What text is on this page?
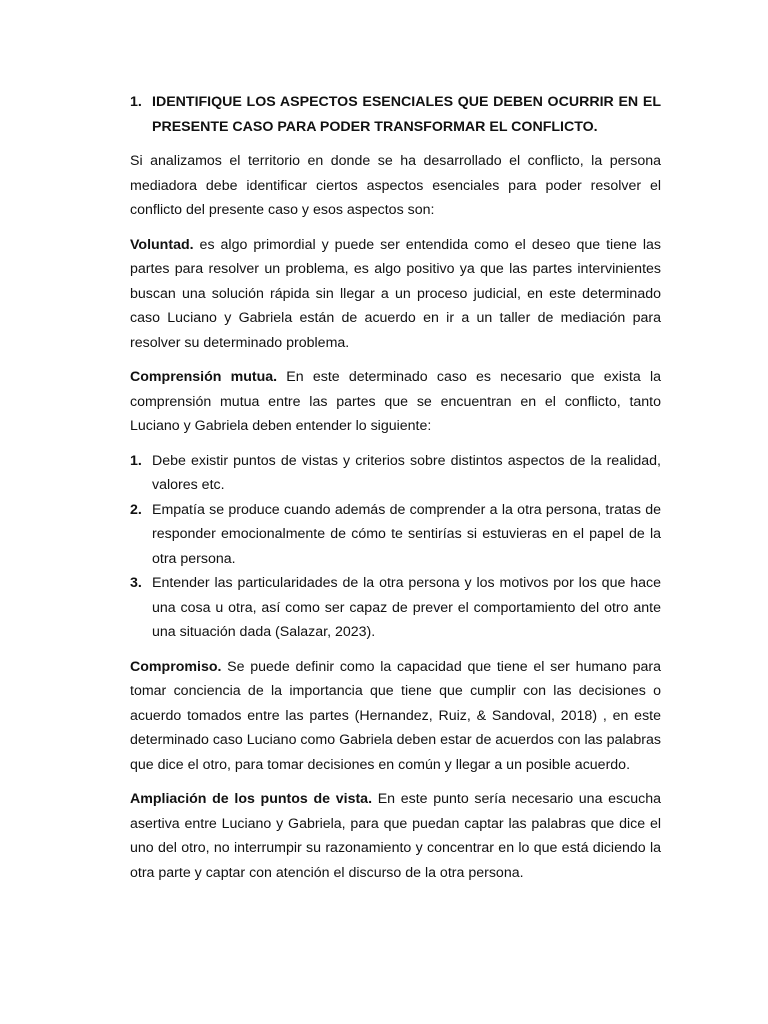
1. IDENTIFIQUE LOS ASPECTOS ESENCIALES QUE DEBEN OCURRIR EN EL PRESENTE CASO PARA PODER TRANSFORMAR EL CONFLICTO.

Si analizamos el territorio en donde se ha desarrollado el conflicto, la persona mediadora debe identificar ciertos aspectos esenciales para poder resolver el conflicto del presente caso y esos aspectos son:

Voluntad. es algo primordial y puede ser entendida como el deseo que tiene las partes para resolver un problema, es algo positivo ya que las partes intervinientes buscan una solución rápida sin llegar a un proceso judicial, en este determinado caso Luciano y Gabriela están de acuerdo en ir a un taller de mediación para resolver su determinado problema.

Comprensión mutua. En este determinado caso es necesario que exista la comprensión mutua entre las partes que se encuentran en el conflicto, tanto Luciano y Gabriela deben entender lo siguiente:

1. Debe existir puntos de vistas y criterios sobre distintos aspectos de la realidad, valores etc.
2. Empatía se produce cuando además de comprender a la otra persona, tratas de responder emocionalmente de cómo te sentirías si estuvieras en el papel de la otra persona.
3. Entender las particularidades de la otra persona y los motivos por los que hace una cosa u otra, así como ser capaz de prever el comportamiento del otro ante una situación dada (Salazar, 2023).

Compromiso. Se puede definir como la capacidad que tiene el ser humano para tomar conciencia de la importancia que tiene que cumplir con las decisiones o acuerdo tomados entre las partes (Hernandez, Ruiz, & Sandoval, 2018) , en este determinado caso Luciano como Gabriela deben estar de acuerdos con las palabras que dice el otro, para tomar decisiones en común y llegar a un posible acuerdo.

Ampliación de los puntos de vista. En este punto sería necesario una escucha asertiva entre Luciano y Gabriela, para que puedan captar las palabras que dice el uno del otro, no interrumpir su razonamiento y concentrar en lo que está diciendo la otra parte y captar con atención el discurso de la otra persona.
